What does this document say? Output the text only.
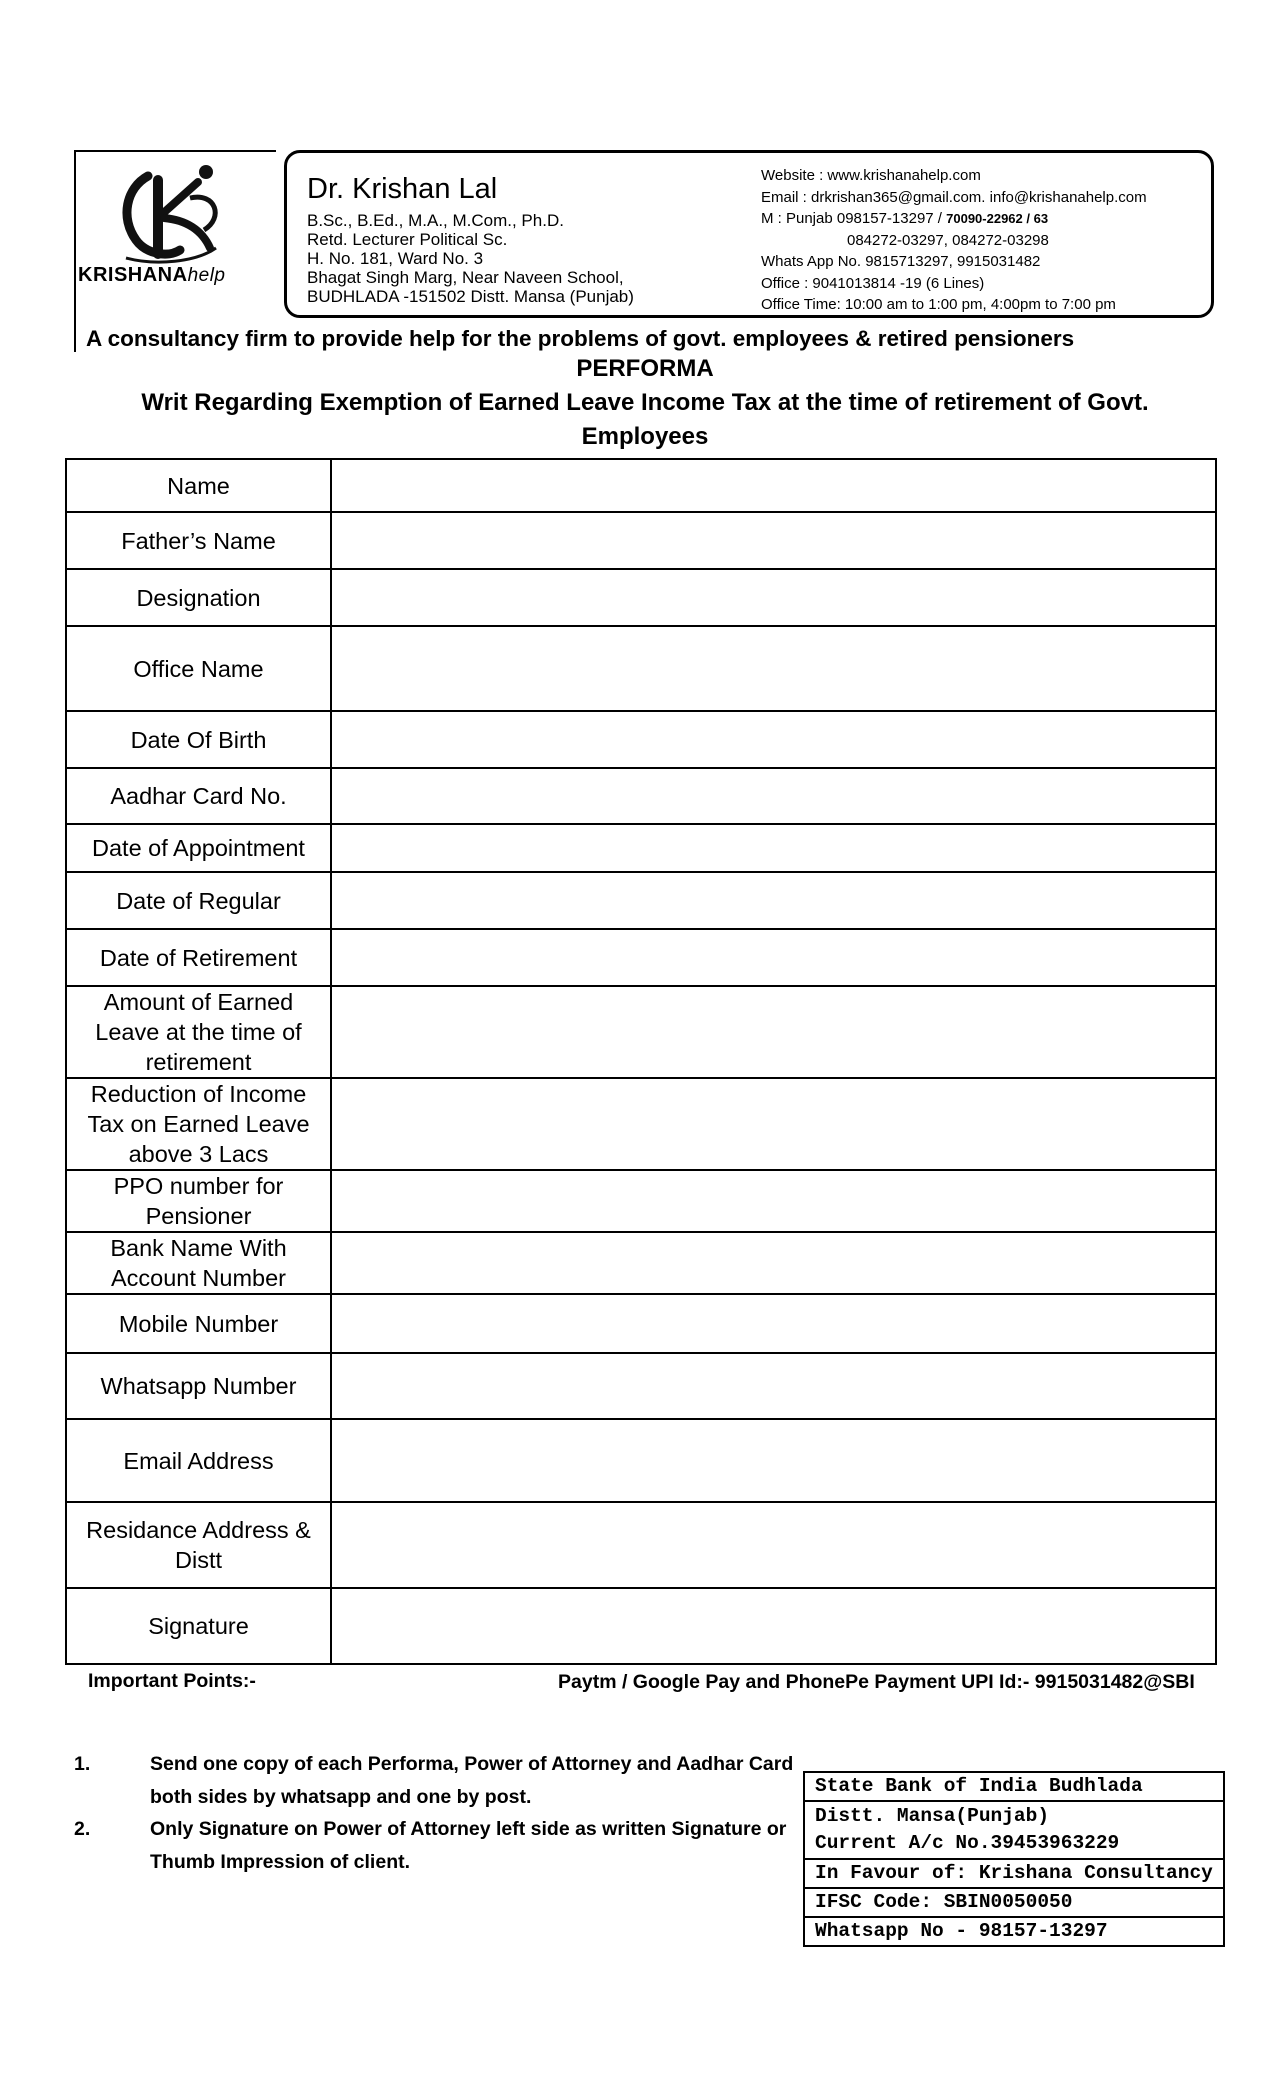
KRISHANAhelp
Dr. Krishan Lal
B.Sc., B.Ed., M.A., M.Com., Ph.D.
Retd. Lecturer Political Sc.
H. No. 181, Ward No. 3
Bhagat Singh Marg, Near Naveen School,
BUDHLADA -151502 Distt. Mansa (Punjab)
Website : www.krishanahelp.com
Email : drkrishan365@gmail.com. info@krishanahelp.com
M : Punjab 098157-13297 / 70090-22962 / 63
084272-03297, 084272-03298
Whats App No. 9815713297, 9915031482
Office : 9041013814 -19 (6 Lines)
Office Time: 10:00 am to 1:00 pm, 4:00pm to 7:00 pm
A consultancy firm to provide help for the problems of govt. employees & retired pensioners
PERFORMA
Writ Regarding Exemption of Earned Leave Income Tax at the time of retirement of Govt.
Employees
Name	
Father’s Name	
Designation	
Office Name	
Date Of Birth	
Aadhar Card No.	
Date of Appointment	
Date of Regular	
Date of Retirement	
Amount of Earned Leave at the time of retirement	
Reduction of Income Tax on Earned Leave above 3 Lacs	
PPO number for Pensioner	
Bank Name With Account Number	
Mobile Number	
Whatsapp Number	
Email Address	
Residance Address & Distt	
Signature	
Important Points:-	Paytm / Google Pay and PhonePe Payment UPI Id:- 9915031482@SBI
1.	Send one copy of each Performa, Power of Attorney and Aadhar Card both sides by whatsapp and one by post.
2.	Only Signature on Power of Attorney left side as written Signature or Thumb Impression of client.
State Bank of India Budhlada

Distt. Mansa(Punjab)
Current A/c No.39453963229

In Favour of: Krishana Consultancy
IFSC Code: SBIN0050050
Whatsapp No - 98157-13297
